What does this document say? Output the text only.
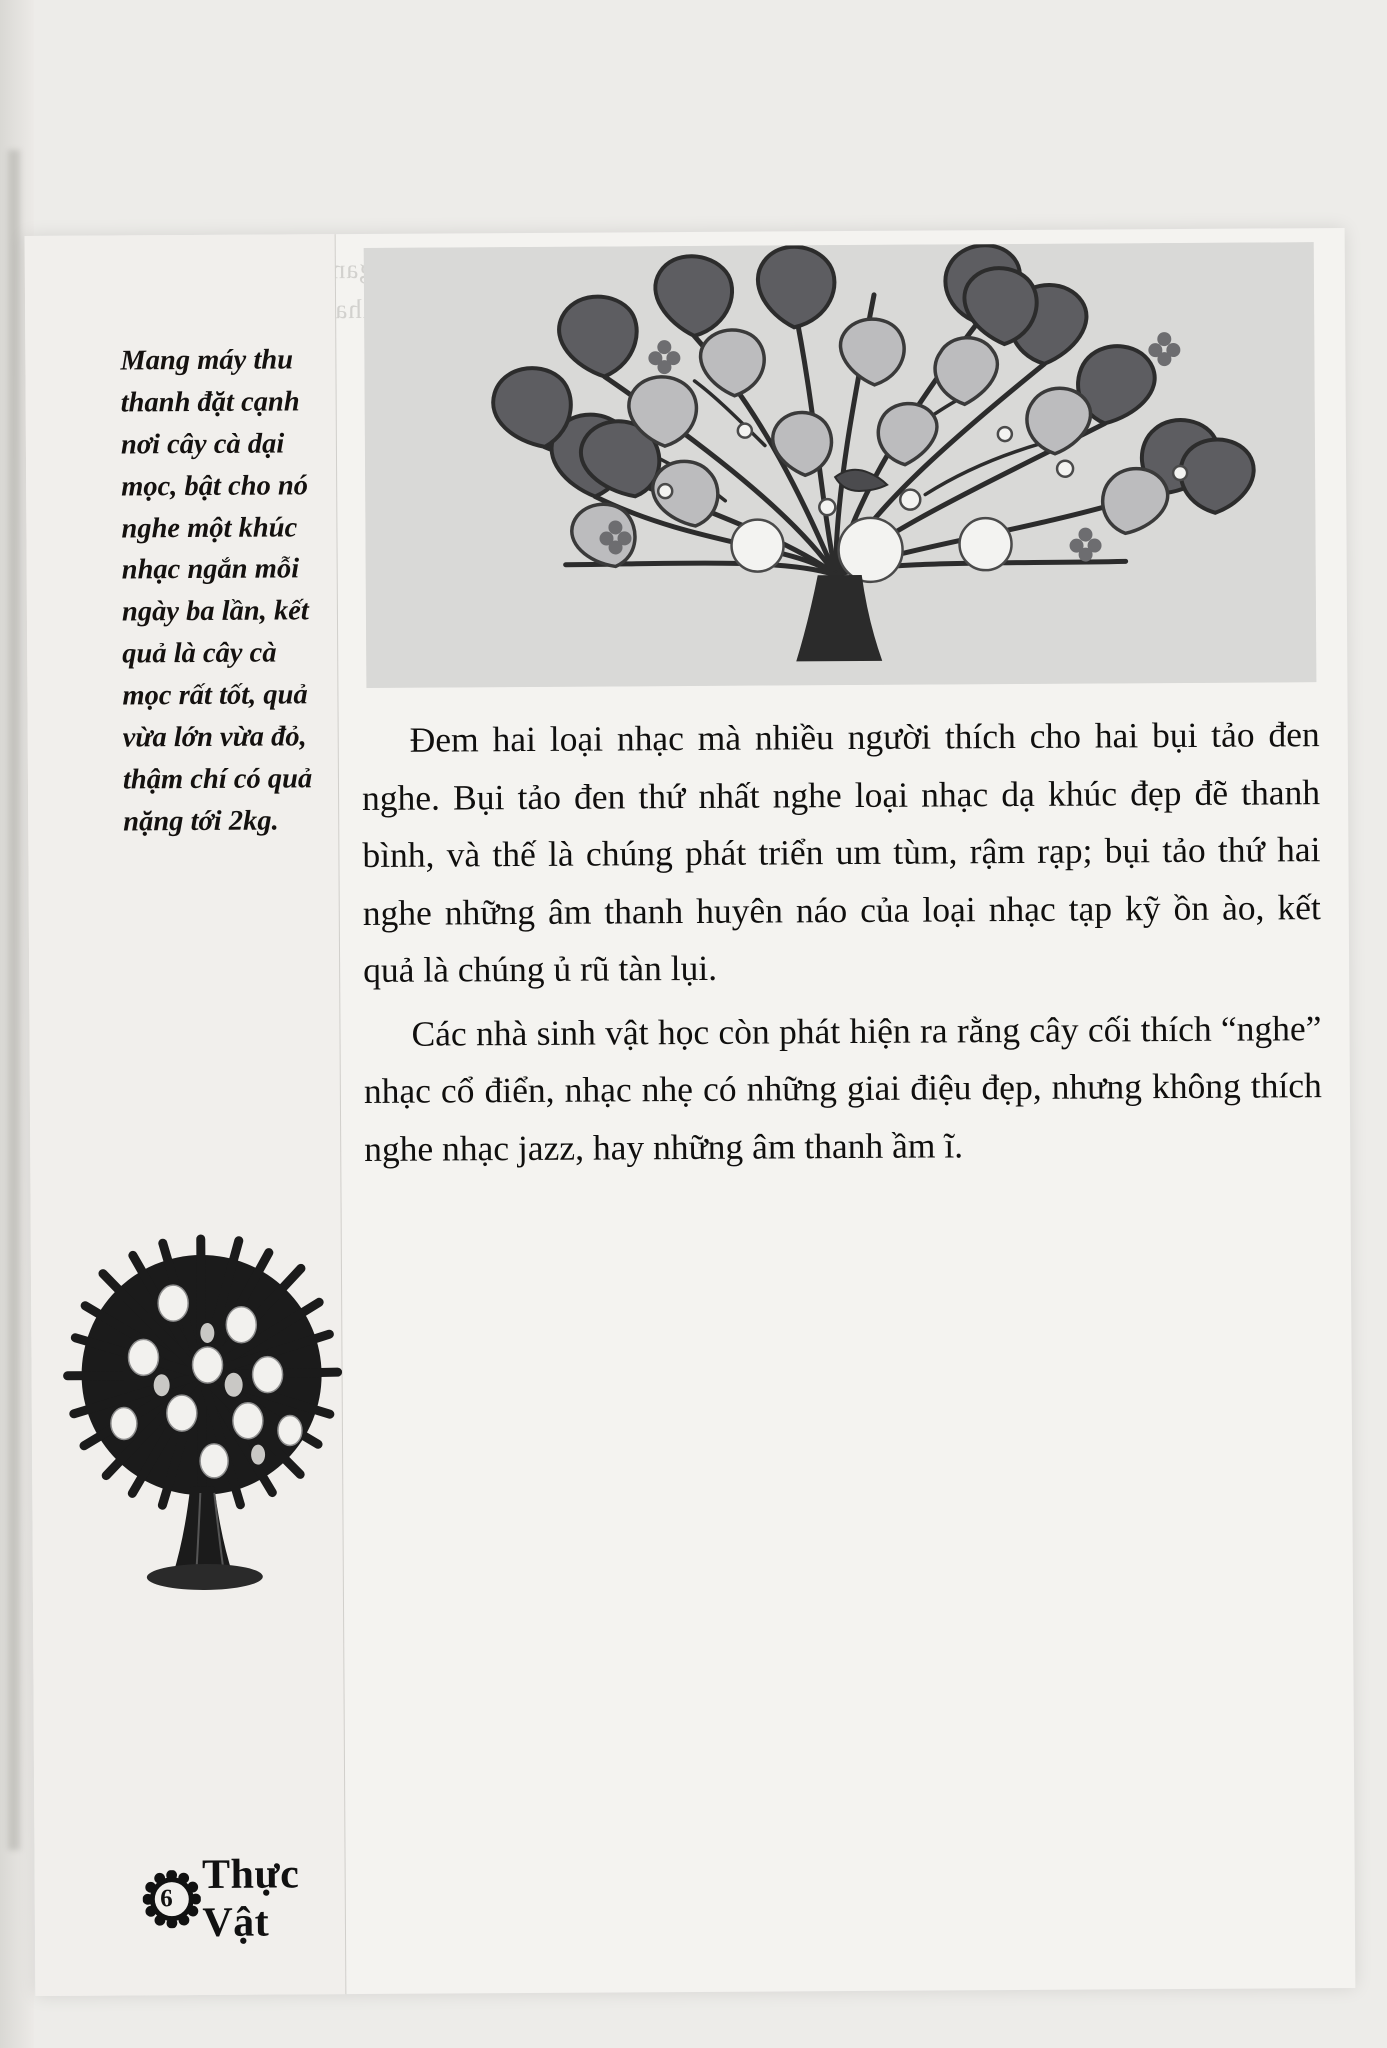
ngan
nhac
Mang máy thu thanh đặt cạnh nơi cây cà dại mọc, bật cho nó nghe một khúc nhạc ngắn mỗi ngày ba lần, kết quả là cây cà mọc rất tốt, quả vừa lớn vừa đỏ, thậm chí có quả nặng tới 2kg.
6
Thực Vật

Đem hai loại nhạc mà nhiều người thích cho hai bụi tảo đen nghe. Bụi tảo đen thứ nhất nghe loại nhạc dạ khúc đẹp đẽ thanh bình, và thế là chúng phát triển um tùm, rậm rạp; bụi tảo thứ hai nghe những âm thanh huyên náo của loại nhạc tạp kỹ ồn ào, kết quả là chúng ủ rũ tàn lụi.

Các nhà sinh vật học còn phát hiện ra rằng cây cối thích “nghe” nhạc cổ điển, nhạc nhẹ có những giai điệu đẹp, nhưng không thích nghe nhạc jazz, hay những âm thanh ầm ĩ.
